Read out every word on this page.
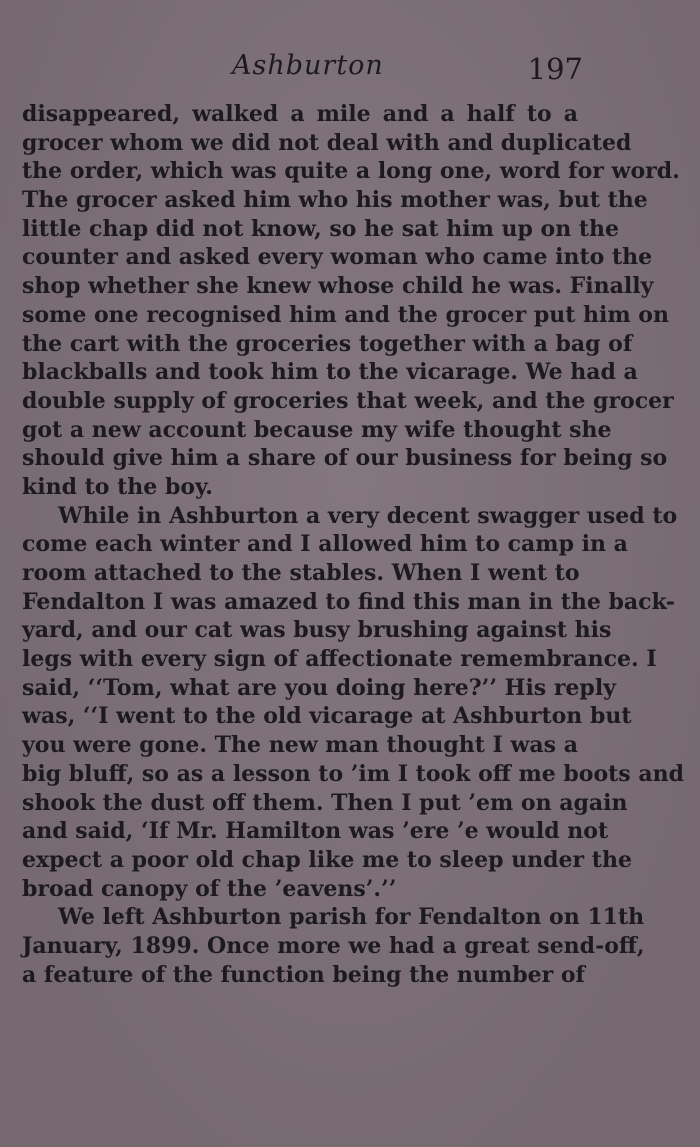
Ashburton	197
disappeared, walked a mile and a half to a
grocer whom we did not deal with and duplicated
the order, which was quite a long one, word for word.
The grocer asked him who his mother was, but the
little chap did not know, so he sat him up on the
counter and asked every woman who came into the
shop whether she knew whose child he was. Finally
some one recognised him and the grocer put him on
the cart with the groceries together with a bag of
blackballs and took him to the vicarage. We had a
double supply of groceries that week, and the grocer
got a new account because my wife thought she
should give him a share of our business for being so
kind to the boy.
While in Ashburton a very decent swagger used to
come each winter and I allowed him to camp in a
room attached to the stables. When I went to
Fendalton I was amazed to find this man in the back-
yard, and our cat was busy brushing against his
legs with every sign of affectionate remembrance. I
said, ‘‘Tom, what are you doing here?’’ His reply
was, ‘‘I went to the old vicarage at Ashburton but
you were gone. The new man thought I was a
big bluff, so as a lesson to ’im I took off me boots and
shook the dust off them. Then I put ’em on again
and said, ‘If Mr. Hamilton was ’ere ’e would not
expect a poor old chap like me to sleep under the
broad canopy of the ’eavens’.’’
We left Ashburton parish for Fendalton on 11th
January, 1899. Once more we had a great send-off,
a feature of the function being the number of
